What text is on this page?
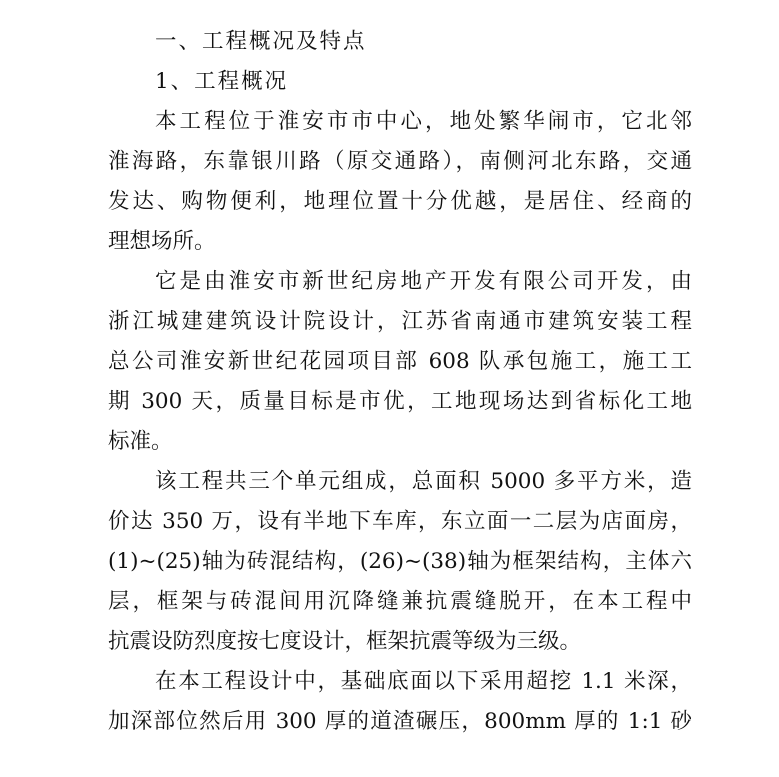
一、工程概况及特点
1、工程概况
本工程位于淮安市市中心，地处繁华闹市，它北邻
淮海路，东靠银川路（原交通路），南侧河北东路，交通
发达、购物便利，地理位置十分优越，是居住、经商的
理想场所。
它是由淮安市新世纪房地产开发有限公司开发，由
浙江城建建筑设计院设计，江苏省南通市建筑安装工程
总公司淮安新世纪花园项目部 608 队承包施工，施工工
期 300 天，质量目标是市优，工地现场达到省标化工地
标准。
该工程共三个单元组成，总面积 5000 多平方米，造
价达 350 万，设有半地下车库，东立面一二层为店面房，
(1)~(25)轴为砖混结构，(26)~(38)轴为框架结构，主体六
层，框架与砖混间用沉降缝兼抗震缝脱开，在本工程中
抗震设防烈度按七度设计，框架抗震等级为三级。
在本工程设计中，基础底面以下采用超挖 1.1 米深，
加深部位然后用 300 厚的道渣碾压，800mm 厚的 1:1 砂
